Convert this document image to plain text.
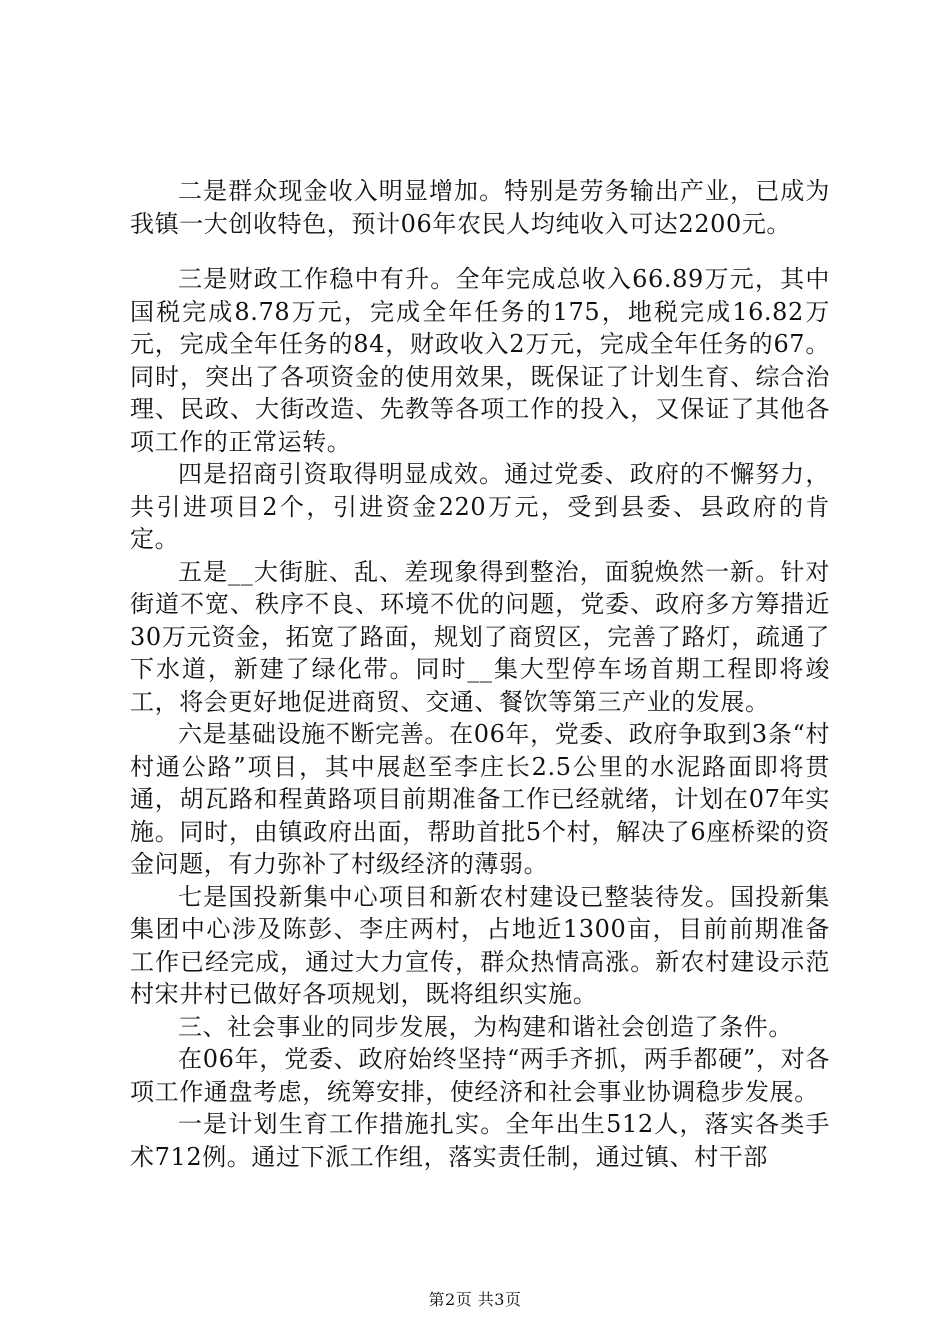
二是群众现金收入明显增加。特别是劳务输出产业，已成为我镇一大创收特色，预计06年农民人均纯收入可达2200元。

三是财政工作稳中有升。全年完成总收入66.89万元，其中国税完成8.78万元，完成全年任务的175，地税完成16.82万元，完成全年任务的84，财政收入2万元，完成全年任务的67。同时，突出了各项资金的使用效果，既保证了计划生育、综合治理、民政、大街改造、先教等各项工作的投入，又保证了其他各项工作的正常运转。

四是招商引资取得明显成效。通过党委、政府的不懈努力，共引进项目2个，引进资金220万元，受到县委、县政府的肯定。

五是__大街脏、乱、差现象得到整治，面貌焕然一新。针对街道不宽、秩序不良、环境不优的问题，党委、政府多方筹措近30万元资金，拓宽了路面，规划了商贸区，完善了路灯，疏通了下水道，新建了绿化带。同时__集大型停车场首期工程即将竣工，将会更好地促进商贸、交通、餐饮等第三产业的发展。

六是基础设施不断完善。在06年，党委、政府争取到3条“村村通公路”项目，其中展赵至李庄长2.5公里的水泥路面即将贯通，胡瓦路和程黄路项目前期准备工作已经就绪，计划在07年实施。同时，由镇政府出面，帮助首批5个村，解决了6座桥梁的资金问题，有力弥补了村级经济的薄弱。

七是国投新集中心项目和新农村建设已整装待发。国投新集集团中心涉及陈彭、李庄两村，占地近1300亩，目前前期准备工作已经完成，通过大力宣传，群众热情高涨。新农村建设示范村宋井村已做好各项规划，既将组织实施。

三、社会事业的同步发展，为构建和谐社会创造了条件。

在06年，党委、政府始终坚持“两手齐抓，两手都硬”，对各项工作通盘考虑，统筹安排，使经济和社会事业协调稳步发展。

一是计划生育工作措施扎实。全年出生512人，落实各类手术712例。通过下派工作组，落实责任制，通过镇、村干部

第2页 共3页
